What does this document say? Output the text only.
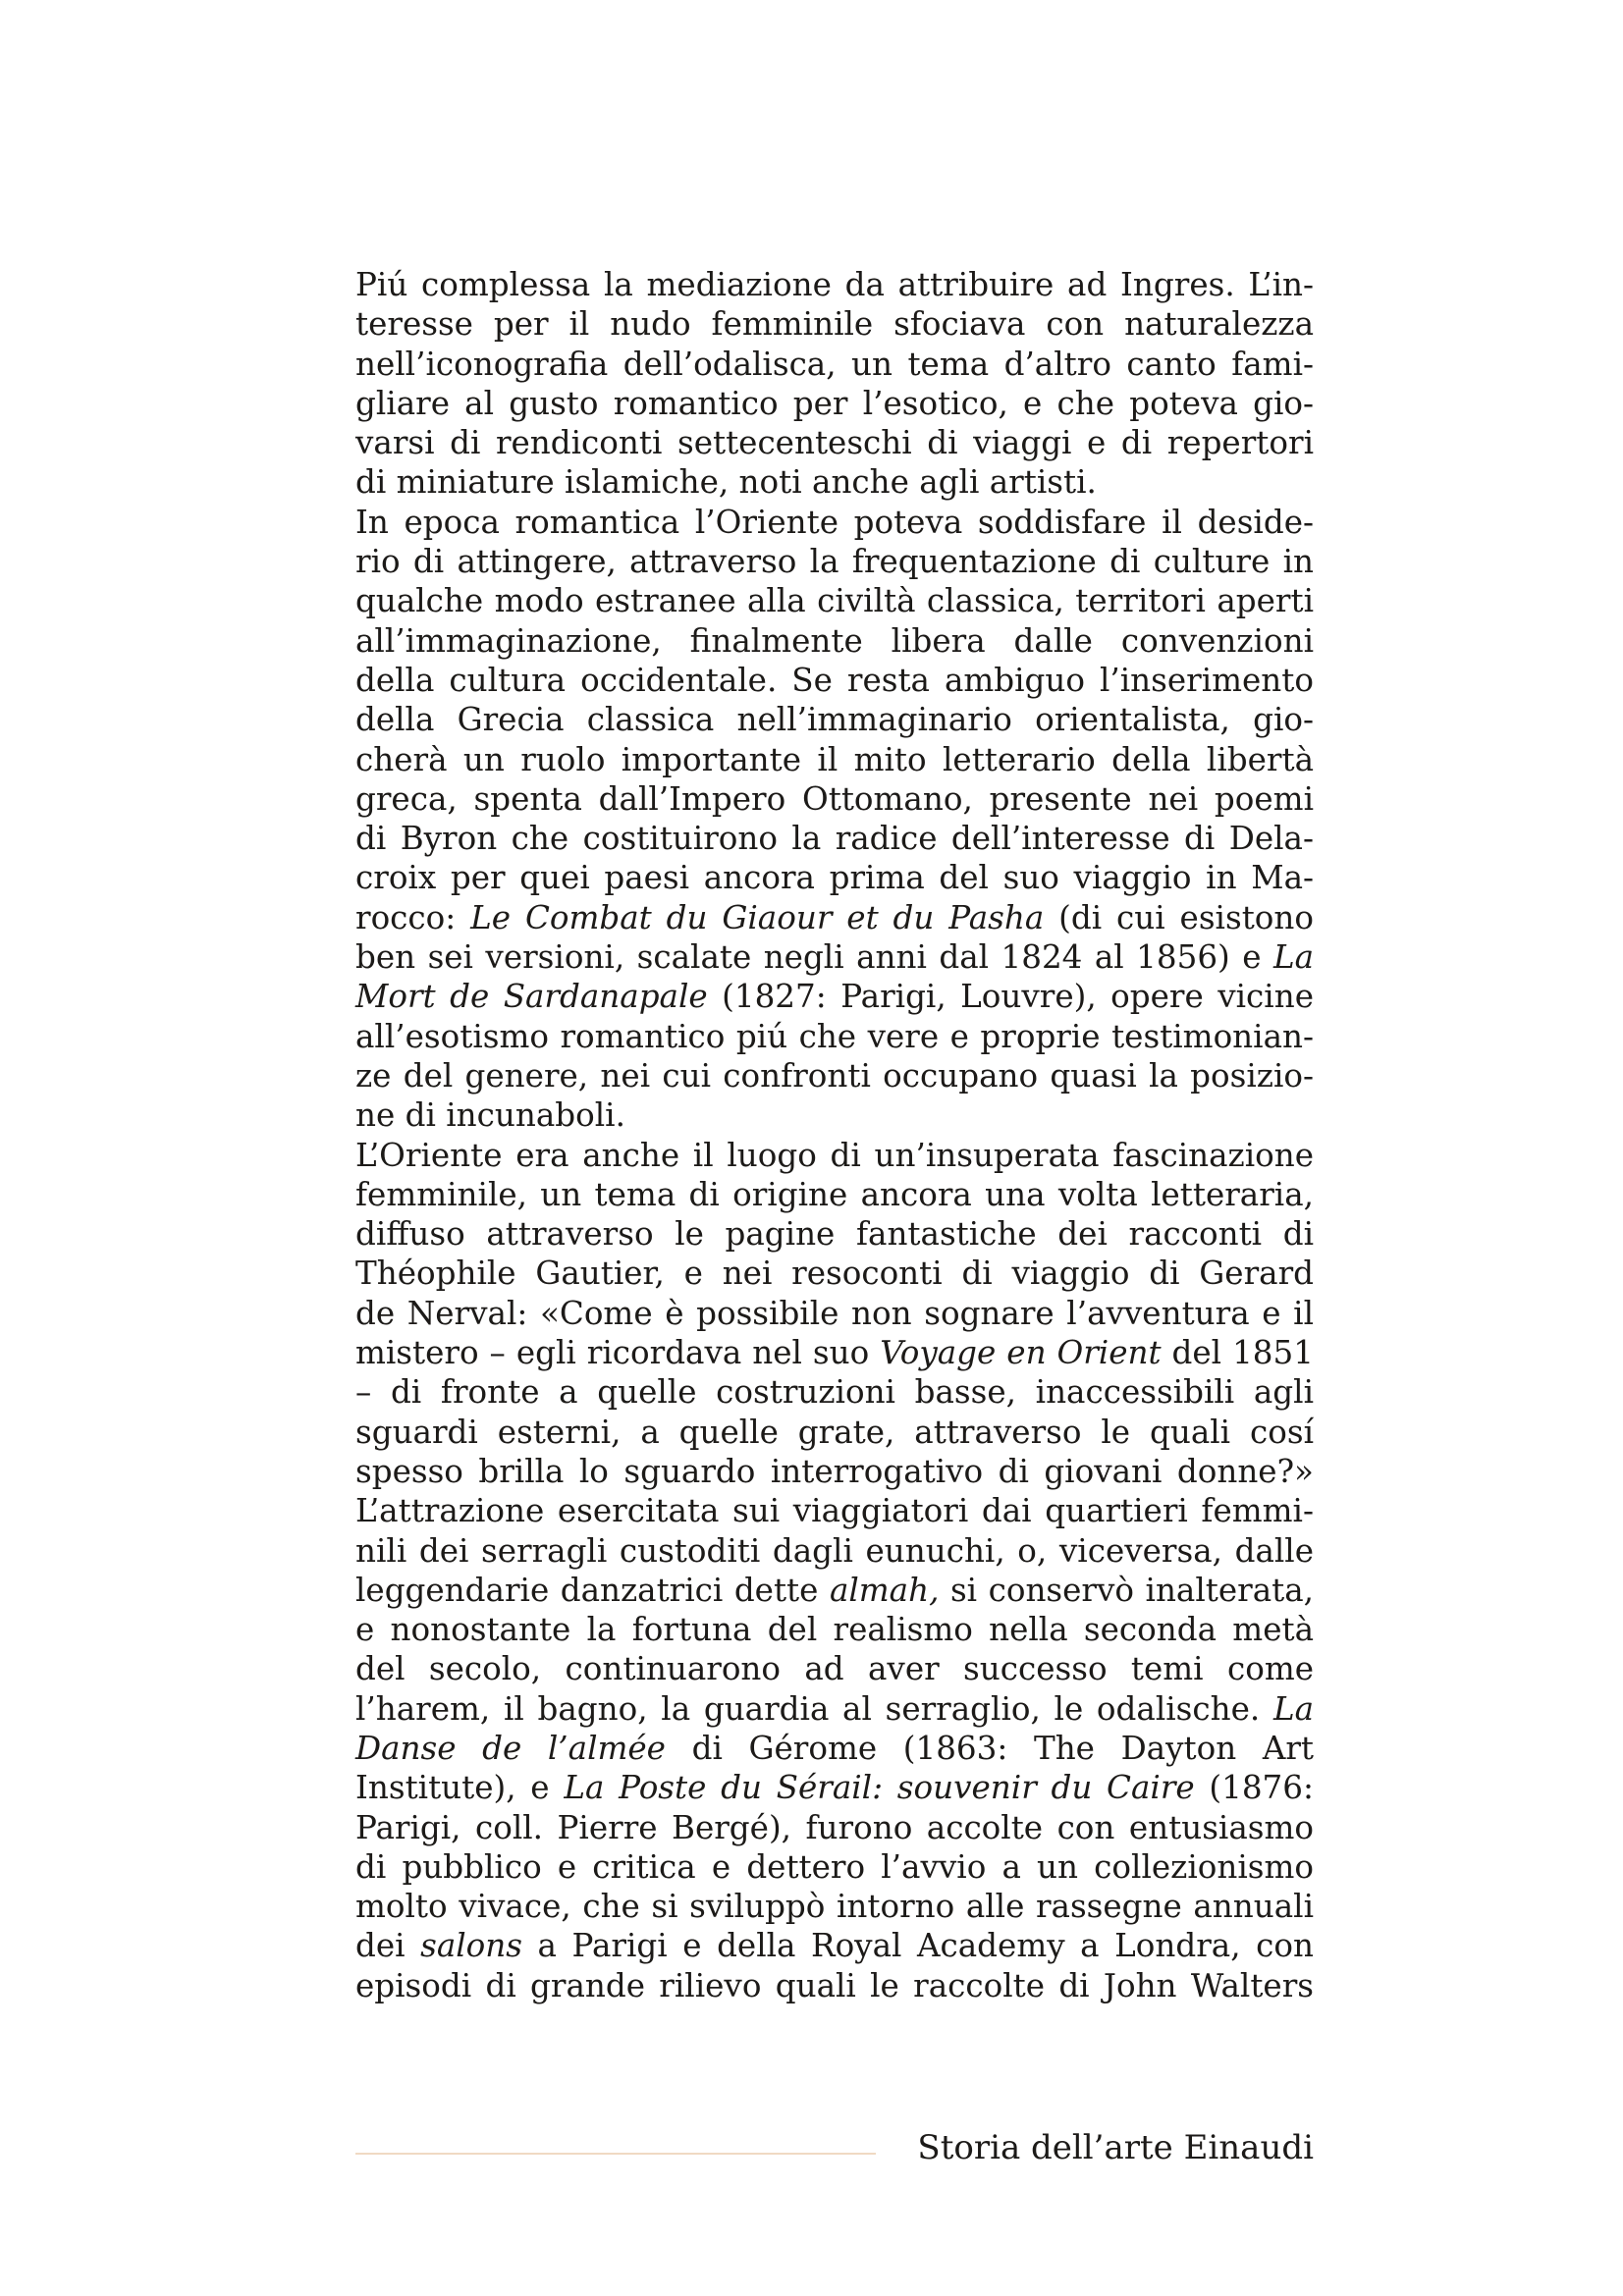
Piú complessa la mediazione da attribuire ad Ingres. L’in-
teresse per il nudo femminile sfociava con naturalezza
nell’iconografia dell’odalisca, un tema d’altro canto fami-
gliare al gusto romantico per l’esotico, e che poteva gio-
varsi di rendiconti settecenteschi di viaggi e di repertori
di miniature islamiche, noti anche agli artisti.
In epoca romantica l’Oriente poteva soddisfare il deside-
rio di attingere, attraverso la frequentazione di culture in
qualche modo estranee alla civiltà classica, territori aperti
all’immaginazione, finalmente libera dalle convenzioni
della cultura occidentale. Se resta ambiguo l’inserimento
della Grecia classica nell’immaginario orientalista, gio-
cherà un ruolo importante il mito letterario della libertà
greca, spenta dall’Impero Ottomano, presente nei poemi
di Byron che costituirono la radice dell’interesse di Dela-
croix per quei paesi ancora prima del suo viaggio in Ma-
rocco: Le Combat du Giaour et du Pasha (di cui esistono
ben sei versioni, scalate negli anni dal 1824 al 1856) e La
Mort de Sardanapale (1827: Parigi, Louvre), opere vicine
all’esotismo romantico piú che vere e proprie testimonian-
ze del genere, nei cui confronti occupano quasi la posizio-
ne di incunaboli.
L’Oriente era anche il luogo di un’insuperata fascinazione
femminile, un tema di origine ancora una volta letteraria,
diffuso attraverso le pagine fantastiche dei racconti di
Théophile Gautier, e nei resoconti di viaggio di Gerard
de Nerval: «Come è possibile non sognare l’avventura e il
mistero – egli ricordava nel suo Voyage en Orient del 1851
– di fronte a quelle costruzioni basse, inaccessibili agli
sguardi esterni, a quelle grate, attraverso le quali cosí
spesso brilla lo sguardo interrogativo di giovani donne?»
L’attrazione esercitata sui viaggiatori dai quartieri femmi-
nili dei serragli custoditi dagli eunuchi, o, viceversa, dalle
leggendarie danzatrici dette almah, si conservò inalterata,
e nonostante la fortuna del realismo nella seconda metà
del secolo, continuarono ad aver successo temi come
l’harem, il bagno, la guardia al serraglio, le odalische. La
Danse de l’almée di Gérome (1863: The Dayton Art
Institute), e La Poste du Sérail: souvenir du Caire (1876:
Parigi, coll. Pierre Bergé), furono accolte con entusiasmo
di pubblico e critica e dettero l’avvio a un collezionismo
molto vivace, che si sviluppò intorno alle rassegne annuali
dei salons a Parigi e della Royal Academy a Londra, con
episodi di grande rilievo quali le raccolte di John Walters
Storia dell’arte Einaudi
